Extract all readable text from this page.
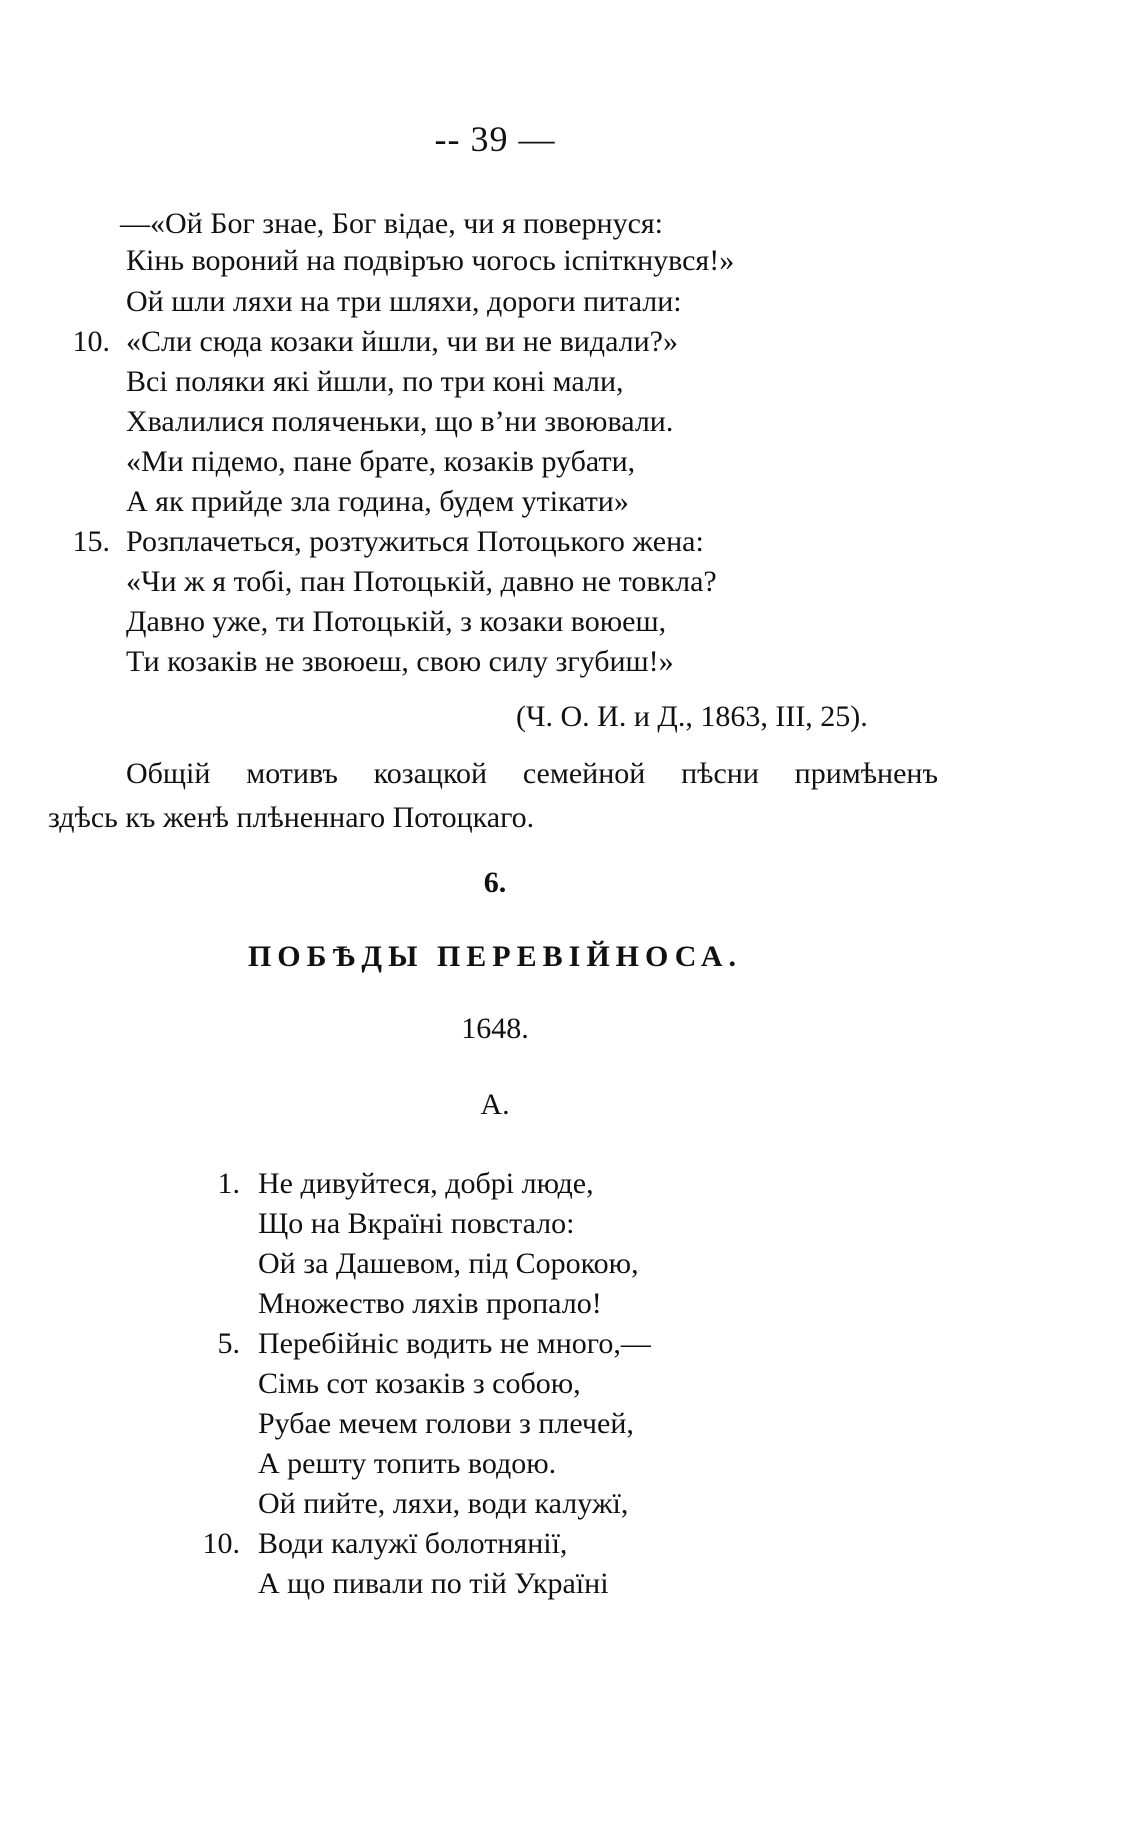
-- 39 —
10.
15.
—«Ой Бог знае, Бог вiдае, чи я повернуся:
Кiнь вороний на подвiръю чогось icпiткнувся!»
Ой шли ляхи на три шляхи, дороги питали:
«Сли сюда козаки йшли, чи ви не видали?»
Всi поляки якi йшли, по три конi мали,
Хвалилися поляченьки, що в’ни звоювали.
«Ми пiдемо, пане брате, козакiв рубати,
А як прийде зла година, будем утiкати»
Розплачеться, розтужиться Потоцького жена:
«Чи ж я тобi, пан Потоцькiй, давно не товкла?
Давно уже, ти Потоцькiй, з козаки воюеш,
Ти козакiв не звоюеш, свою силу згубиш!»
(Ч. О. И. и Д., 1863, III, 25).
Общiй мотивъ козацкой семейной пѣсни примѣненъ
здѣсь къ женѣ плѣненнаго Потоцкаго.
6.
ПОБѢДЫ ПЕРЕВIЙНОСА.
1648.
А.
1.
5.
10.
Не дивуйтеся, добрi люде,
Що на Вкраїнi повстало:
Ой за Дашевом, пiд Сорокою,
Множество ляхiв пропало!
Перебiйнiс водить не много,—
Сiмь сот козакiв з собою,
Рубае мечем голови з плечей,
А решту топить водою.
Ой пийте, ляхи, води калужї,
Води калужї болотнянiї,
А що пивали по тiй Українi
